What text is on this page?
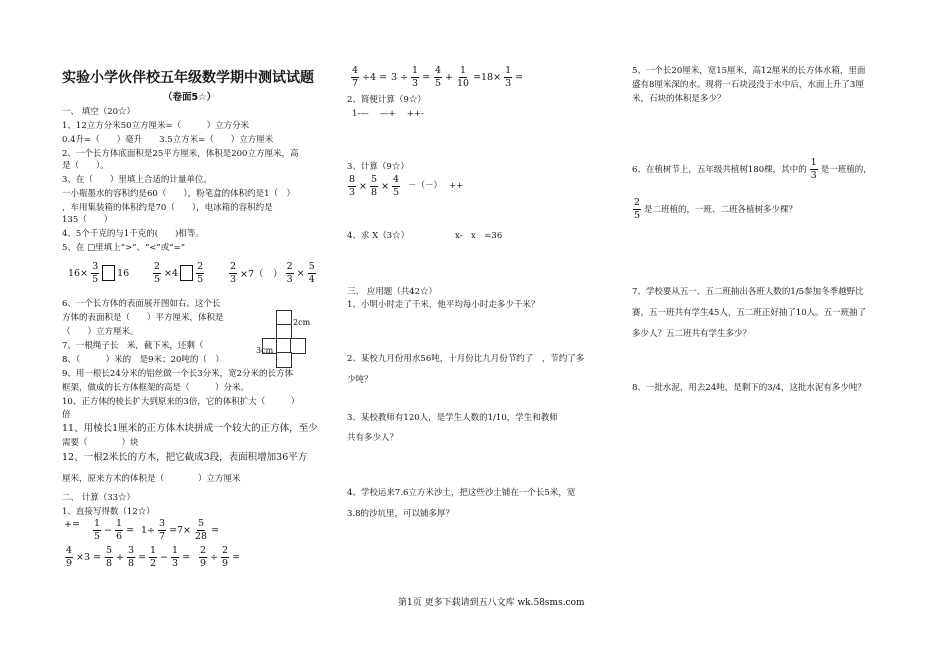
实验小学伙伴校五年级数学期中测试试题
（卷面5☆）
一、 填空（20☆）
1、12立方分米50立方厘米=（　　　）立方分米
0.4升=（　　）毫升　　3.5立方米=（　　）立方厘米
2、一个长方体底面积是25平方厘米，体积是200立方厘米，高
是（　　）。
3、在（　　）里填上合适的计量单位。
一小瓶墨水的容积约是60（　　），粉笔盒的体积约是1（　）
，车用集装箱的体积约是70（　　），电冰箱的容积约是
135（　　）
4、5个千克的与1千克的(　　)相等。
5、在 □里填上“>”、“<”或“=”
$16\times \frac{3}{5} 16$	$\frac{2}{5} \times 4 \frac{2}{5}$	$\frac{2}{3} \times 7$（　） $\frac{2}{3} \times \frac{5}{4}$
6、一个长方体的表面展开图如右。这个长
方体的表面积是（　　）平方厘米，体积是
（　　）立方厘米。
7、一根绳子长　米，截下米，还剩（
8、（　　　）米的　是9米；20吨的（　）
2cm
3cm
9、用一根长24分米的铝丝做一个长3分米，宽2分米的长方体
框架，做成的长方体框架的高是（　　　）分米。
10、正方体的棱长扩大到原来的3倍，它的体积扩大（　　　）
倍
11、用棱长1厘米的正方体木块拼成一个较大的正方体，至少
需要（　　　　）块
12、一根2米长的方木，把它截成3段，表面积增加36平方
厘米，原来方木的体积是（　　　　）立方厘米
二、 计算（33☆）
1、直接写得数（12☆）
+= $\frac{1}{5} - \frac{1}{6} = 1\div \frac{3}{7} = 7\times \frac{5}{28}$ =
$\frac{4}{9} \times 3 = \frac{5}{8} + \frac{3}{8} = \frac{1}{2} - \frac{1}{3} = \frac{2}{9} \div \frac{2}{9}$ =
$\frac{4}{7} \div 4 = 3 \div \frac{1}{3} = \frac{4}{5} + \frac{1}{10} = 18\times \frac{1}{3}$ =
2、简便计算（9☆）
1-—　 —+　 ++-
3、计算（9☆）
$\frac{8}{3} \times \frac{5}{8} \times \frac{4}{5}$ －（－）　 ++
4、求 X（3☆）	x-　x　=36
三、 应用题（共42☆）
1、小明小时走了千米，他平均每小时走多少千米？
2、某校九月份用水56吨，十月份比九月份节约了　，节约了多
少吨？
3、某校教师有120人，是学生人数的1/10，学生和教师
共有多少人？
4、学校运来7.6立方米沙土，把这些沙土铺在一个长5米，宽
3.8的沙坑里，可以铺多厚？
5、一个长20厘米，宽15厘米，高12厘米的长方体水箱，里面
盛有8厘米深的水。现将一石块浸没于水中后，水面上升了3厘
米，石块的体积是多少？
6、在植树节上，五年级共植树180棵，其中的 $\frac{1}{3}$ 是一班植的，
$\frac{2}{5}$ 是二班植的，一班、二班各植树多少棵？
7、学校要从五一、五二班抽出各班人数的1/5参加冬季越野比
赛，五一班共有学生45人，五二班正好抽了10人。五一班抽了
多少人？五二班共有学生多少？
8、一批水泥，用去24吨，是剩下的3/4，这批水泥有多少吨？
第1页 更多下载请到五八文库 wk.58sms.com
